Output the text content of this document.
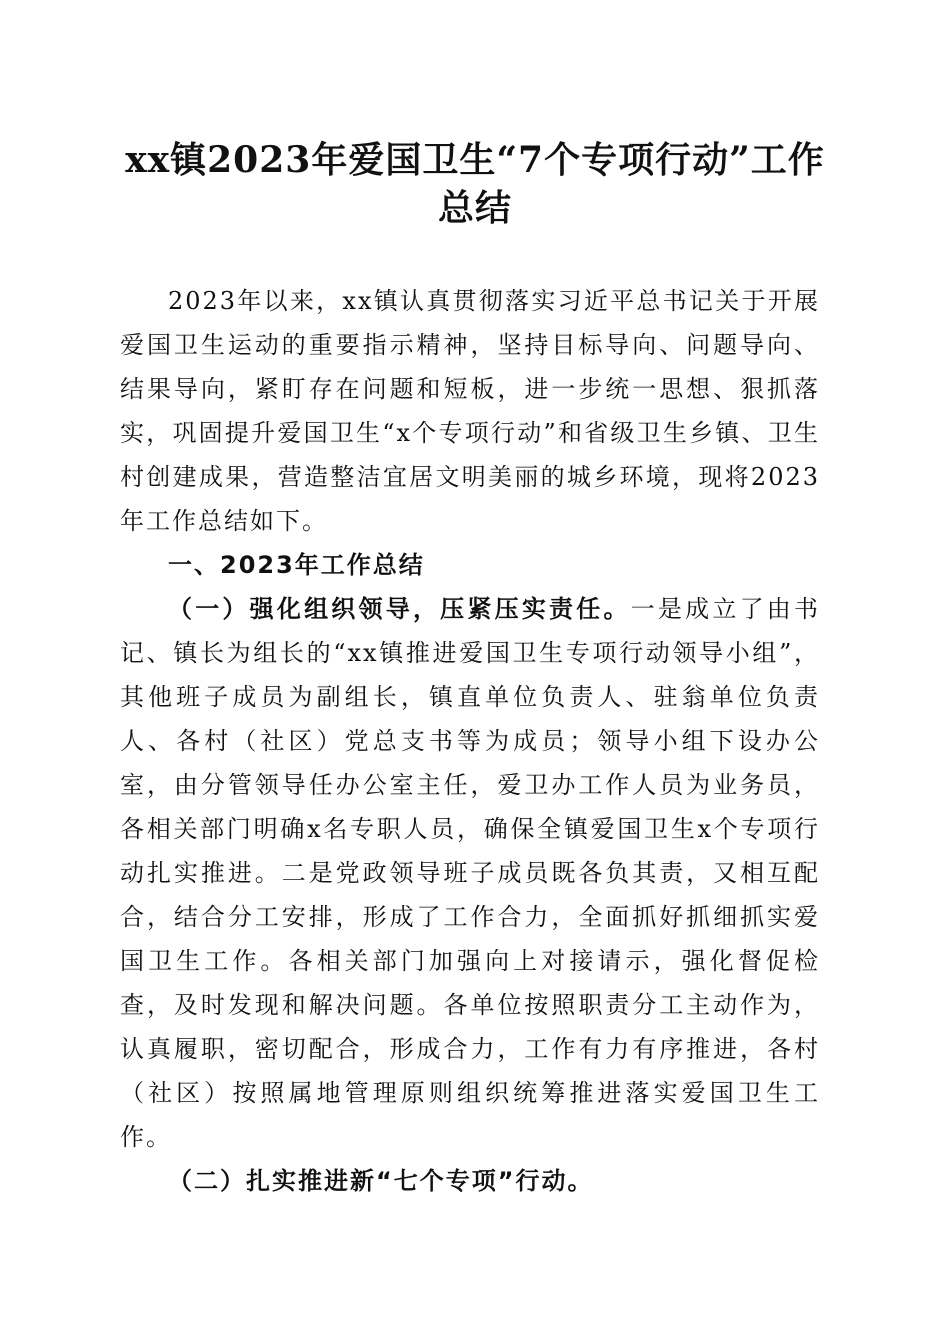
xx镇2023年爱国卫生“7个专项行动”工作
总结

2023年以来，xx镇认真贯彻落实习近平总书记关于开展爱国卫生运动的重要指示精神，坚持目标导向、问题导向、结果导向，紧盯存在问题和短板，进一步统一思想、狠抓落实，巩固提升爱国卫生“x个专项行动”和省级卫生乡镇、卫生村创建成果，营造整洁宜居文明美丽的城乡环境，现将2023年工作总结如下。

一、2023年工作总结

（一）强化组织领导，压紧压实责任。一是成立了由书记、镇长为组长的“xx镇推进爱国卫生专项行动领导小组”，其他班子成员为副组长，镇直单位负责人、驻翁单位负责人、各村（社区）党总支书等为成员；领导小组下设办公室，由分管领导任办公室主任，爱卫办工作人员为业务员，各相关部门明确x名专职人员，确保全镇爱国卫生x个专项行动扎实推进。二是党政领导班子成员既各负其责，又相互配合，结合分工安排，形成了工作合力，全面抓好抓细抓实爱国卫生工作。各相关部门加强向上对接请示，强化督促检查，及时发现和解决问题。各单位按照职责分工主动作为，认真履职，密切配合，形成合力，工作有力有序推进，各村（社区）按照属地管理原则组织统筹推进落实爱国卫生工作。

（二）扎实推进新“七个专项”行动。
